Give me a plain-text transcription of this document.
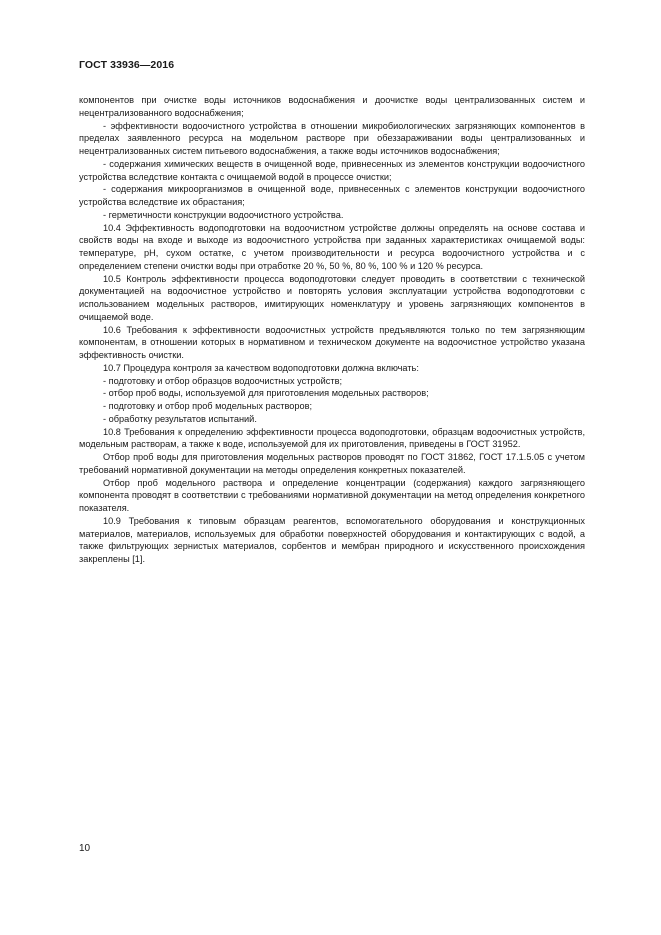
ГОСТ 33936—2016

компонентов при очистке воды источников водоснабжения и доочистке воды централизованных систем и нецентрализованного водоснабжения;

- эффективности водоочистного устройства в отношении микробиологических загрязняющих компонентов в пределах заявленного ресурса на модельном растворе при обеззараживании воды централизованных и нецентрализованных систем питьевого водоснабжения, а также воды источников водоснабжения;

- содержания химических веществ в очищенной воде, привнесенных из элементов конструкции водоочистного устройства вследствие контакта с очищаемой водой в процессе очистки;

- содержания микроорганизмов в очищенной воде, привнесенных с элементов конструкции водоочистного устройства вследствие их обрастания;

- герметичности конструкции водоочистного устройства.

10.4 Эффективность водоподготовки на водоочистном устройстве должны определять на основе состава и свойств воды на входе и выходе из водоочистного устройства при заданных характеристиках очищаемой воды: температуре, pH, сухом остатке, с учетом производительности и ресурса водоочистного устройства и с определением степени очистки воды при отработке 20 %, 50 %, 80 %, 100 % и 120 % ресурса.

10.5 Контроль эффективности процесса водоподготовки следует проводить в соответствии с технической документацией на водоочистное устройство и повторять условия эксплуатации устройства водоподготовки с использованием модельных растворов, имитирующих номенклатуру и уровень загрязняющих компонентов в очищаемой воде.

10.6 Требования к эффективности водоочистных устройств предъявляются только по тем загрязняющим компонентам, в отношении которых в нормативном и техническом документе на водоочистное устройство указана эффективность очистки.

10.7 Процедура контроля за качеством водоподготовки должна включать:

- подготовку и отбор образцов водоочистных устройств;

- отбор проб воды, используемой для приготовления модельных растворов;

- подготовку и отбор проб модельных растворов;

- обработку результатов испытаний.

10.8 Требования к определению эффективности процесса водоподготовки, образцам водоочистных устройств, модельным растворам, а также к воде, используемой для их приготовления, приведены в ГОСТ 31952.

Отбор проб воды для приготовления модельных растворов проводят по ГОСТ 31862, ГОСТ 17.1.5.05 с учетом требований нормативной документации на методы определения конкретных показателей.

Отбор проб модельного раствора и определение концентрации (содержания) каждого загрязняющего компонента проводят в соответствии с требованиями нормативной документации на метод определения конкретного показателя.

10.9 Требования к типовым образцам реагентов, вспомогательного оборудования и конструкционных материалов, материалов, используемых для обработки поверхностей оборудования и контактирующих с водой, а также фильтрующих зернистых материалов, сорбентов и мембран природного и искусственного происхождения закреплены [1].

10
